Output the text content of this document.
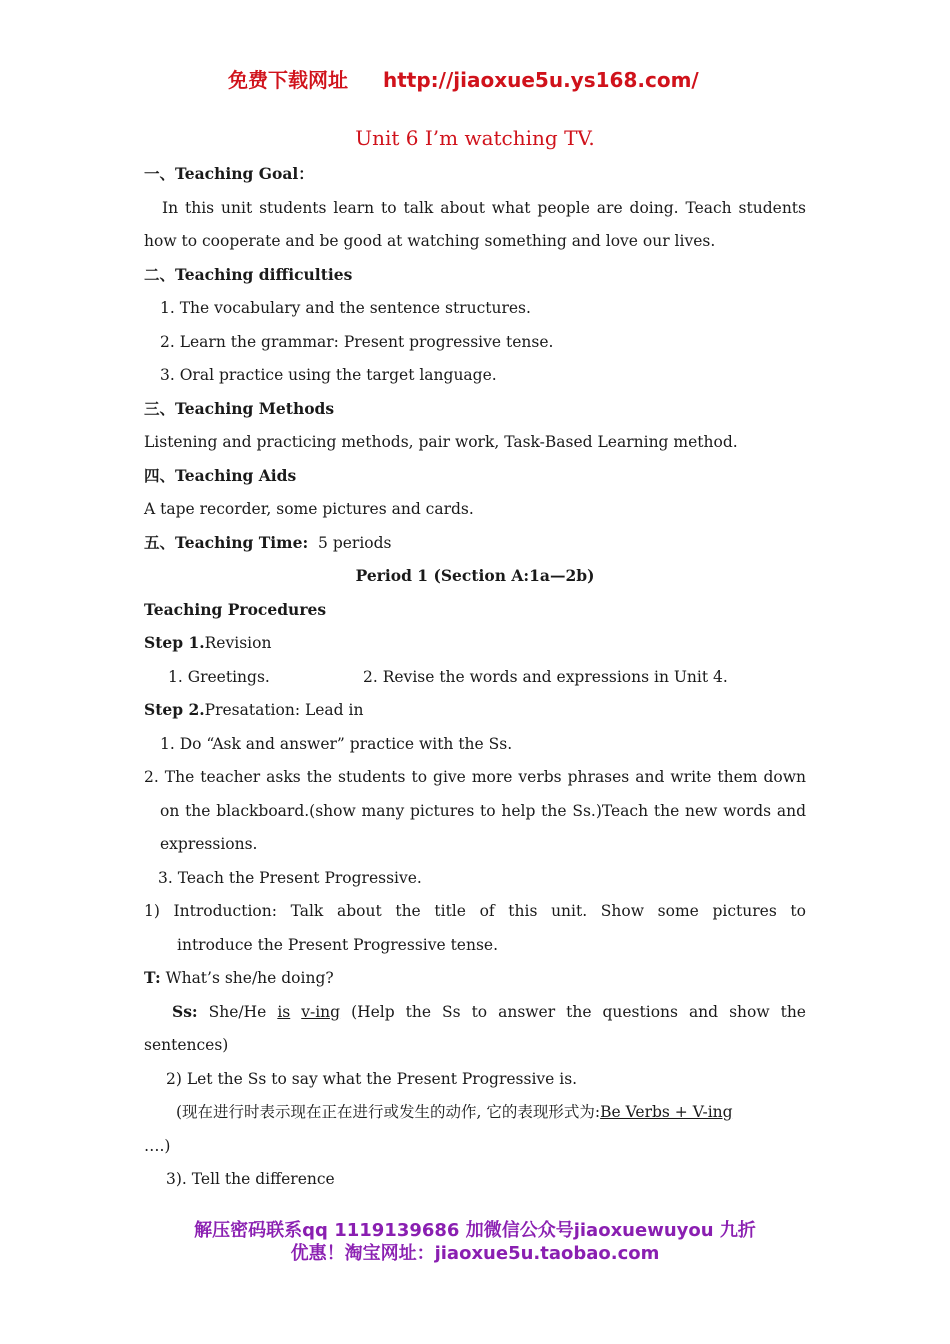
免费下载网址 http://jiaoxue5u.ys168.com/
Unit 6 I’m watching TV.
一、Teaching Goal：
In this unit students learn to talk about what people are doing. Teach students
how to cooperate and be good at watching something and love our lives.
二、Teaching difficulties
1. The vocabulary and the sentence structures.
2. Learn the grammar: Present progressive tense.
3. Oral practice using the target language.
三、Teaching Methods
Listening and practicing methods, pair work, Task-Based Learning method.
四、Teaching Aids
A tape recorder, some pictures and cards.
五、Teaching Time: 5 periods
Period 1 (Section A:1a—2b)
Teaching Procedures
Step 1.Revision
1. Greetings.	2. Revise the words and expressions in Unit 4.
Step 2.Presatation: Lead in
1. Do “Ask and answer” practice with the Ss.
2. The teacher asks the students to give more verbs phrases and write them down
on the blackboard.(show many pictures to help the Ss.)Teach the new words and
expressions.
3. Teach the Present Progressive.
1) Introduction: Talk about the title of this unit. Show some pictures to
introduce the Present Progressive tense.
T: What’s she/he doing?
Ss: She/He is v-ing (Help the Ss to answer the questions and show the
sentences)
2) Let the Ss to say what the Present Progressive is.
(现在进行时表示现在正在进行或发生的动作, 它的表现形式为:Be Verbs + V-ing
….)
3). Tell the difference
解压密码联系qq 1119139686 加微信公众号jiaoxuewuyou 九折
优惠！淘宝网址：jiaoxue5u.taobao.com
